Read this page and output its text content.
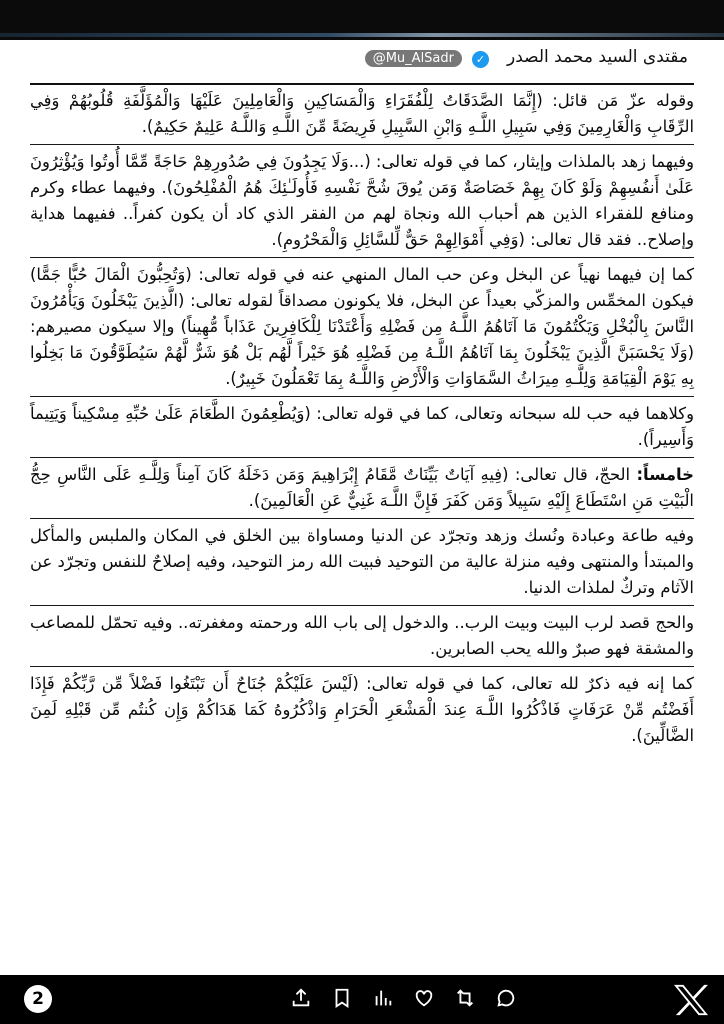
مقتدى السيد محمد الصدر
✓
@Mu_AlSadr

وقوله عزّ مَن قائل: (إِنَّمَا الصَّدَقَاتُ لِلْفُقَرَاءِ وَالْمَسَاكِينِ وَالْعَامِلِينَ عَلَيْهَا وَالْمُؤَلَّفَةِ قُلُوبُهُمْ وَفِي الرِّقَابِ وَالْغَارِمِينَ وَفِي سَبِيلِ اللَّـهِ وَابْنِ السَّبِيلِ فَرِيضَةً مِّنَ اللَّـهِ وَاللَّـهُ عَلِيمٌ حَكِيمٌ).

وفيهما زهد بالملذات وإيثار، كما في قوله تعالى: (...وَلَا يَجِدُونَ فِي صُدُورِهِمْ حَاجَةً مِّمَّا أُوتُوا وَيُؤْثِرُونَ عَلَىٰ أَنفُسِهِمْ وَلَوْ كَانَ بِهِمْ خَصَاصَةٌ وَمَن يُوقَ شُحَّ نَفْسِهِ فَأُولَـٰئِكَ هُمُ الْمُفْلِحُونَ). وفيهما عطاء وكرم ومنافع للفقراء الذين هم أحباب الله ونجاة لهم من الفقر الذي كاد أن يكون كفراً.. ففيهما هداية وإصلاح.. فقد قال تعالى: (وَفِي أَمْوَالِهِمْ حَقٌّ لِّلسَّائِلِ وَالْمَحْرُومِ).

كما إن فيهما نهياً عن البخل وعن حب المال المنهي عنه في قوله تعالى: (وَتُحِبُّونَ الْمَالَ حُبًّا جَمًّا) فيكون المخمِّس والمزكّي بعيداً عن البخل، فلا يكونون مصداقاً لقوله تعالى: (الَّذِينَ يَبْخَلُونَ وَيَأْمُرُونَ النَّاسَ بِالْبُخْلِ وَيَكْتُمُونَ مَا آتَاهُمُ اللَّـهُ مِن فَضْلِهِ وَأَعْتَدْنَا لِلْكَافِرِينَ عَذَاباً مُّهِيناً) وإلا سيكون مصيرهم: (وَلَا يَحْسَبَنَّ الَّذِينَ يَبْخَلُونَ بِمَا آتَاهُمُ اللَّـهُ مِن فَضْلِهِ هُوَ خَيْراً لَّهُم بَلْ هُوَ شَرٌّ لَّهُمْ سَيُطَوَّقُونَ مَا بَخِلُوا بِهِ يَوْمَ الْقِيَامَةِ وَلِلَّـهِ مِيرَاثُ السَّمَاوَاتِ وَالْأَرْضِ وَاللَّـهُ بِمَا تَعْمَلُونَ خَبِيرٌ).

وكلاهما فيه حب لله سبحانه وتعالى، كما في قوله تعالى: (وَيُطْعِمُونَ الطَّعَامَ عَلَىٰ حُبِّهِ مِسْكِيناً وَيَتِيماً وَأَسِيراً).

خامساً: الحجّ، قال تعالى: (فِيهِ آيَاتٌ بَيِّنَاتٌ مَّقَامُ إِبْرَاهِيمَ وَمَن دَخَلَهُ كَانَ آمِناً وَلِلَّـهِ عَلَى النَّاسِ حِجُّ الْبَيْتِ مَنِ اسْتَطَاعَ إِلَيْهِ سَبِيلاً وَمَن كَفَرَ فَإِنَّ اللَّـهَ غَنِيٌّ عَنِ الْعَالَمِينَ).

وفيه طاعة وعبادة ونُسك وزهد وتجرّد عن الدنيا ومساواة بين الخلق في المكان والملبس والمأكل والمبتدأ والمنتهى وفيه منزلة عالية من التوحيد فبيت الله رمز التوحيد، وفيه إصلاحٌ للنفس وتجرّد عن الآثام وتركٌ لملذات الدنيا.

والحج قصد لرب البيت وبيت الرب.. والدخول إلى باب الله ورحمته ومغفرته.. وفيه تحمّل للمصاعب والمشقة فهو صبرٌ والله يحب الصابرين.

كما إنه فيه ذكرٌ لله تعالى، كما في قوله تعالى: (لَيْسَ عَلَيْكُمْ جُنَاحٌ أَن تَبْتَغُوا فَضْلاً مِّن رَّبِّكُمْ فَإِذَا أَفَضْتُم مِّنْ عَرَفَاتٍ فَاذْكُرُوا اللَّـهَ عِندَ الْمَشْعَرِ الْحَرَامِ وَاذْكُرُوهُ كَمَا هَدَاكُمْ وَإِن كُنتُم مِّن قَبْلِهِ لَمِنَ الضَّالِّينَ).

2
